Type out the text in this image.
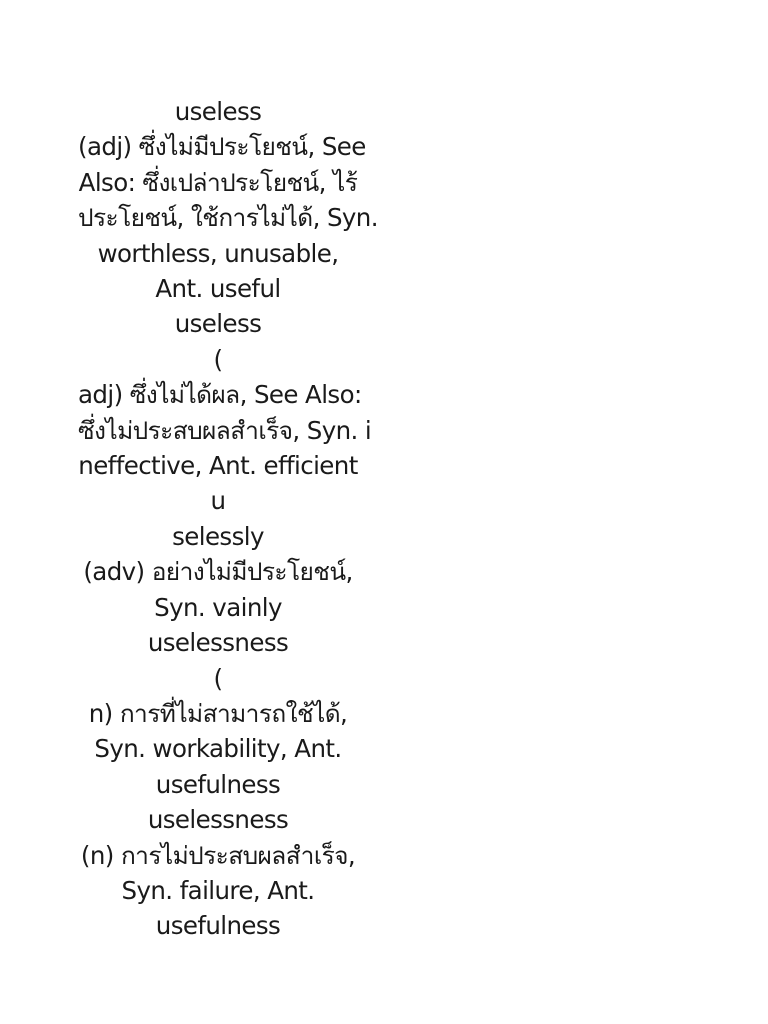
useless
(adj) ซึ่งไม่มีประโยชน์, See
Also: ซึ่งเปล่าประโยชน์, ไร้
ประโยชน์, ใช้การไม่ได้, Syn.
worthless, unusable,
Ant. useful
useless
(
adj) ซึ่งไม่ได้ผล, See Also:
ซึ่งไม่ประสบผลสำเร็จ, Syn. i
neffective, Ant. efficient
u
selessly
(adv) อย่างไม่มีประโยชน์,
Syn. vainly
uselessness
(
n) การที่ไม่สามารถใช้ได้,
Syn. workability, Ant.
usefulness
uselessness
(n) การไม่ประสบผลสำเร็จ,
Syn. failure, Ant.
usefulness
